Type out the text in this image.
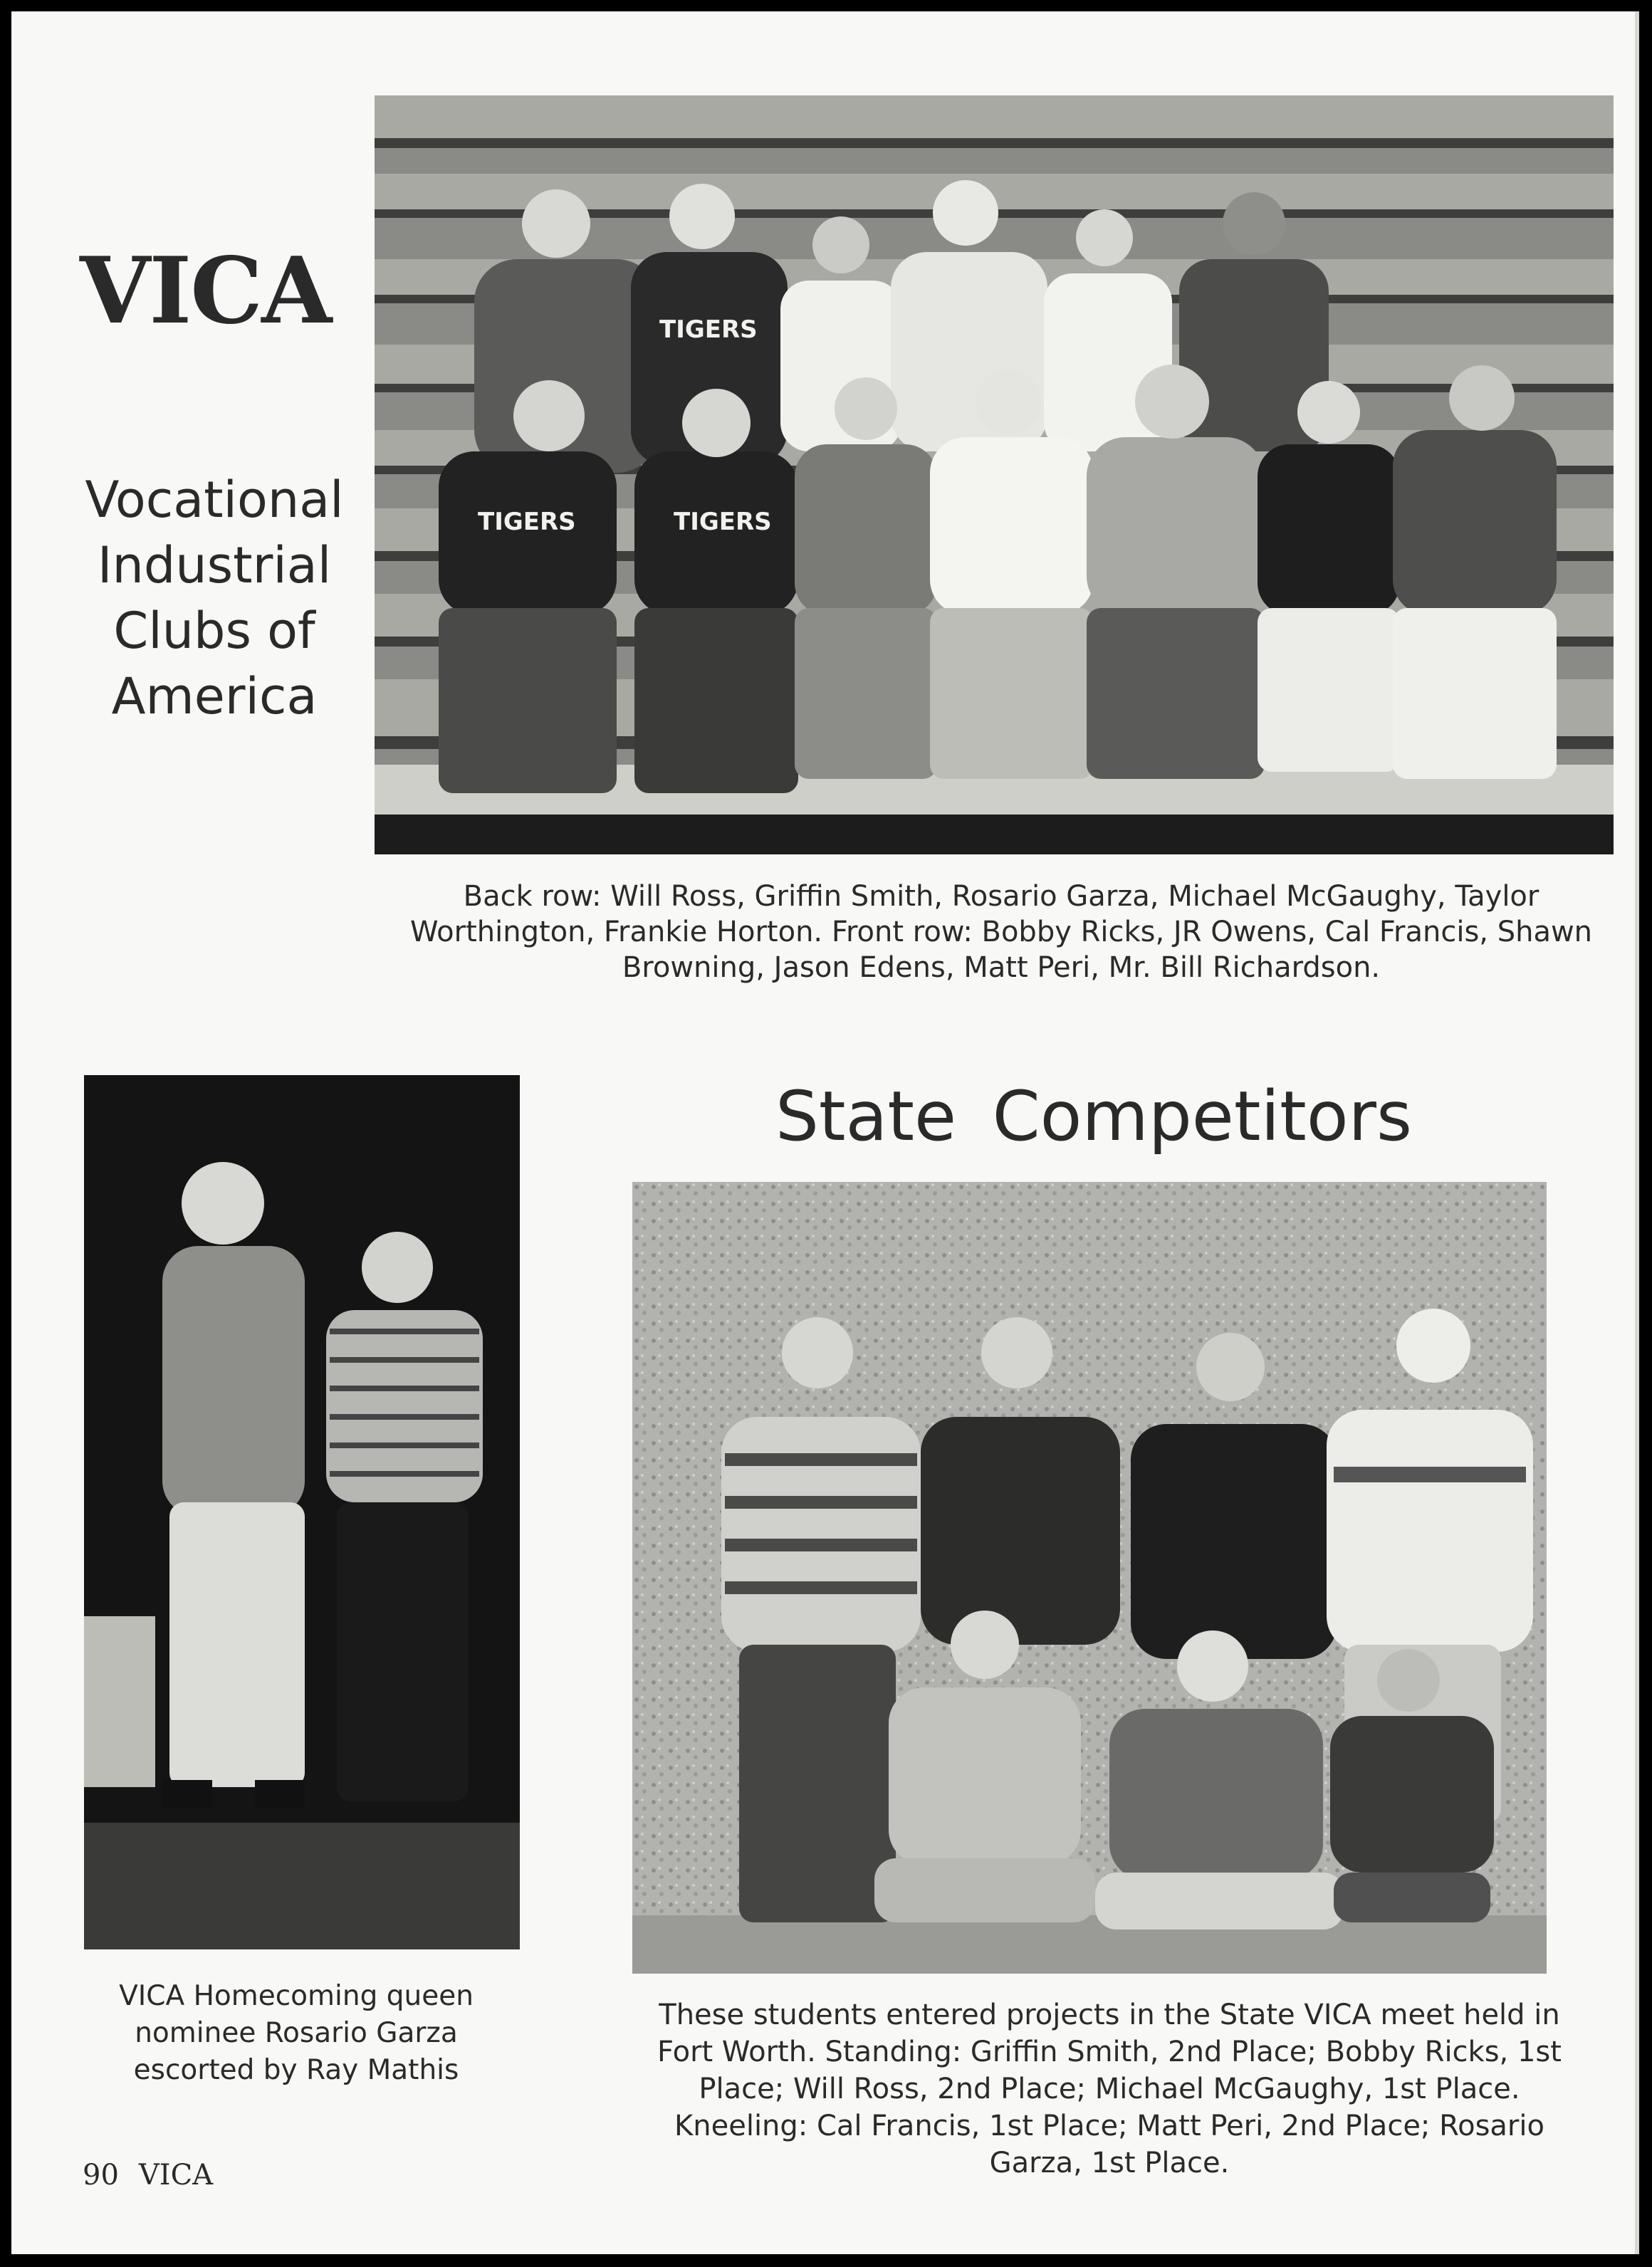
TIGERS
TIGERS	TIGERS
VICA
Vocational
Industrial
Clubs of
America
Back row: Will Ross, Griffin Smith, Rosario Garza, Michael McGaughy, Taylor Worthington, Frankie Horton. Front row: Bobby Ricks, JR Owens, Cal Francis, Shawn Browning, Jason Edens, Matt Peri, Mr. Bill Richardson.
VICA Homecoming queen nominee Rosario Garza escorted by Ray Mathis
State Competitors
These students entered projects in the State VICA meet held in Fort Worth. Standing: Griffin Smith, 2nd Place; Bobby Ricks, 1st Place; Will Ross, 2nd Place; Michael McGaughy, 1st Place. Kneeling: Cal Francis, 1st Place; Matt Peri, 2nd Place; Rosario Garza, 1st Place.
90 VICA
